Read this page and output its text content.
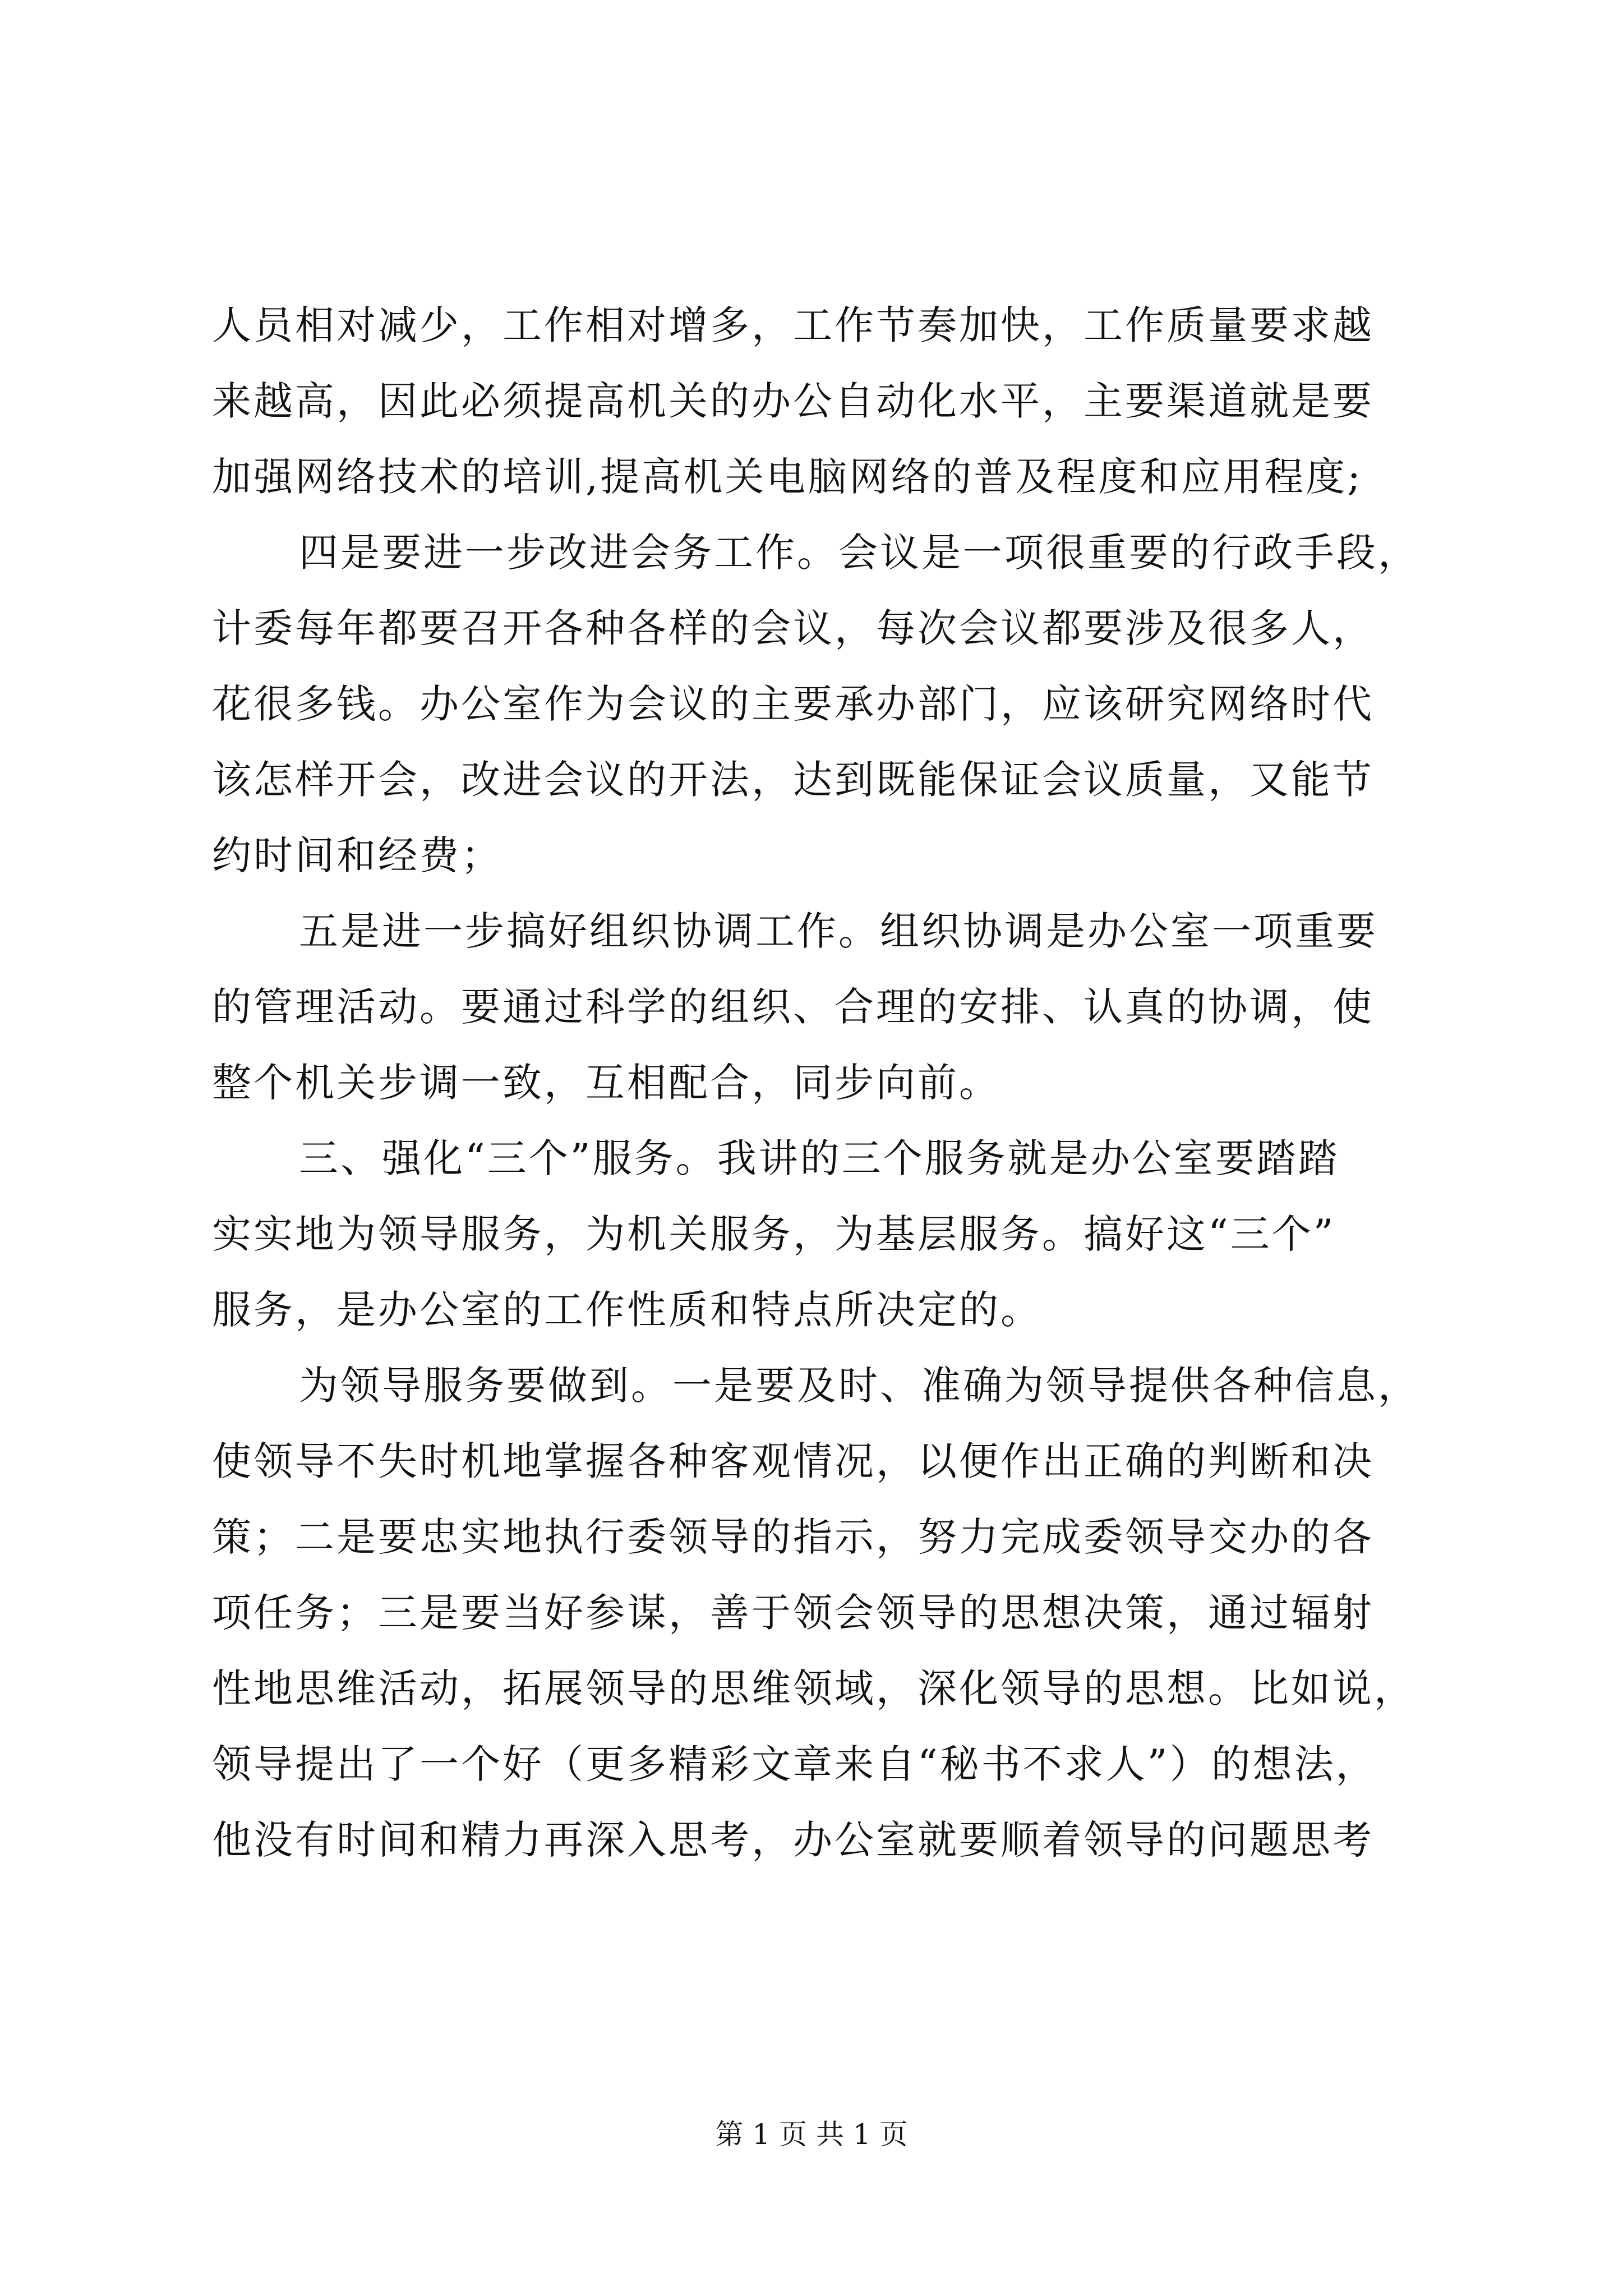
人员相对减少，工作相对增多，工作节奏加快，工作质量要求越
来越高，因此必须提高机关的办公自动化水平，主要渠道就是要
加强网络技术的培训,提高机关电脑网络的普及程度和应用程度;
四是要进一步改进会务工作。会议是一项很重要的行政手段，
计委每年都要召开各种各样的会议，每次会议都要涉及很多人，
花很多钱。办公室作为会议的主要承办部门，应该研究网络时代
该怎样开会，改进会议的开法，达到既能保证会议质量，又能节
约时间和经费；
五是进一步搞好组织协调工作。组织协调是办公室一项重要
的管理活动。要通过科学的组织、合理的安排、认真的协调，使
整个机关步调一致，互相配合，同步向前。
三、强化“三个”服务。我讲的三个服务就是办公室要踏踏
实实地为领导服务，为机关服务，为基层服务。搞好这“三个”
服务，是办公室的工作性质和特点所决定的。
为领导服务要做到。一是要及时、准确为领导提供各种信息，
使领导不失时机地掌握各种客观情况，以便作出正确的判断和决
策；二是要忠实地执行委领导的指示，努力完成委领导交办的各
项任务；三是要当好参谋，善于领会领导的思想决策，通过辐射
性地思维活动，拓展领导的思维领域，深化领导的思想。比如说，
领导提出了一个好（更多精彩文章来自“秘书不求人”）的想法，
他没有时间和精力再深入思考，办公室就要顺着领导的问题思考
第 1 页 共 1 页
